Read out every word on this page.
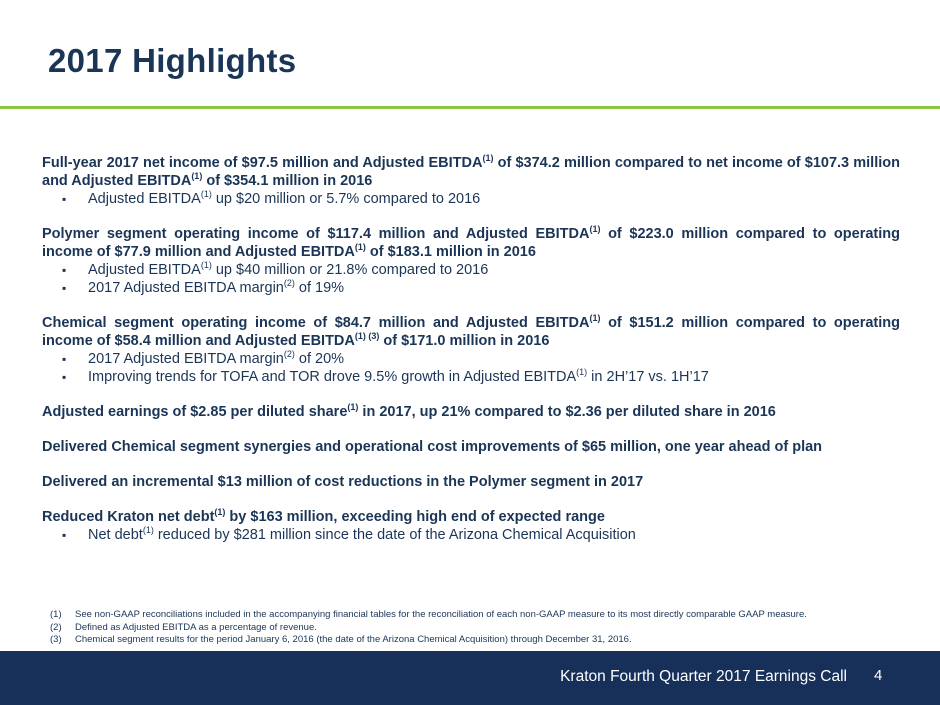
2017 Highlights

Full-year 2017 net income of $97.5 million and Adjusted EBITDA$^{(1)}$ of $374.2 million compared to net income of $107.3 million and Adjusted EBITDA$^{(1)}$ of $354.1 million in 2016

▪ Adjusted EBITDA$^{(1)}$ up $20 million or 5.7% compared to 2016

Polymer segment operating income of $117.4 million and Adjusted EBITDA$^{(1)}$ of $223.0 million compared to operating income of $77.9 million and Adjusted EBITDA$^{(1)}$ of $183.1 million in 2016

▪ Adjusted EBITDA$^{(1)}$ up $40 million or 21.8% compared to 2016

▪ 2017 Adjusted EBITDA margin$^{(2)}$ of 19%

Chemical segment operating income of $84.7 million and Adjusted EBITDA$^{(1)}$ of $151.2 million compared to operating income of $58.4 million and Adjusted $EBITDA^{(1) (3)}$ of $171.0 million in 2016

▪ 2017 Adjusted EBITDA margin$^{(2)}$ of 20%

▪ Improving trends for TOFA and TOR drove 9.5% growth in Adjusted EBITDA$^{(1)}$ in 2H’17 vs. 1H’17

Adjusted earnings of $2.85 per diluted share$^{(1)}$ in 2017, up 21% compared to $2.36 per diluted share in 2016

Delivered Chemical segment synergies and operational cost improvements of $65 million, one year ahead of plan

Delivered an incremental $13 million of cost reductions in the Polymer segment in 2017

Reduced Kraton net debt$^{(1)}$ by $163 million, exceeding high end of expected range

▪ Net debt$^{(1)}$ reduced by $281 million since the date of the Arizona Chemical Acquisition

(1)	See non-GAAP reconciliations included in the accompanying financial tables for the reconciliation of each non-GAAP measure to its most directly comparable GAAP measure.
(2)	Defined as Adjusted EBITDA as a percentage of revenue.
(3)	Chemical segment results for the period January 6, 2016 (the date of the Arizona Chemical Acquisition) through December 31, 2016.
Kraton Fourth Quarter 2017 Earnings Call 4
